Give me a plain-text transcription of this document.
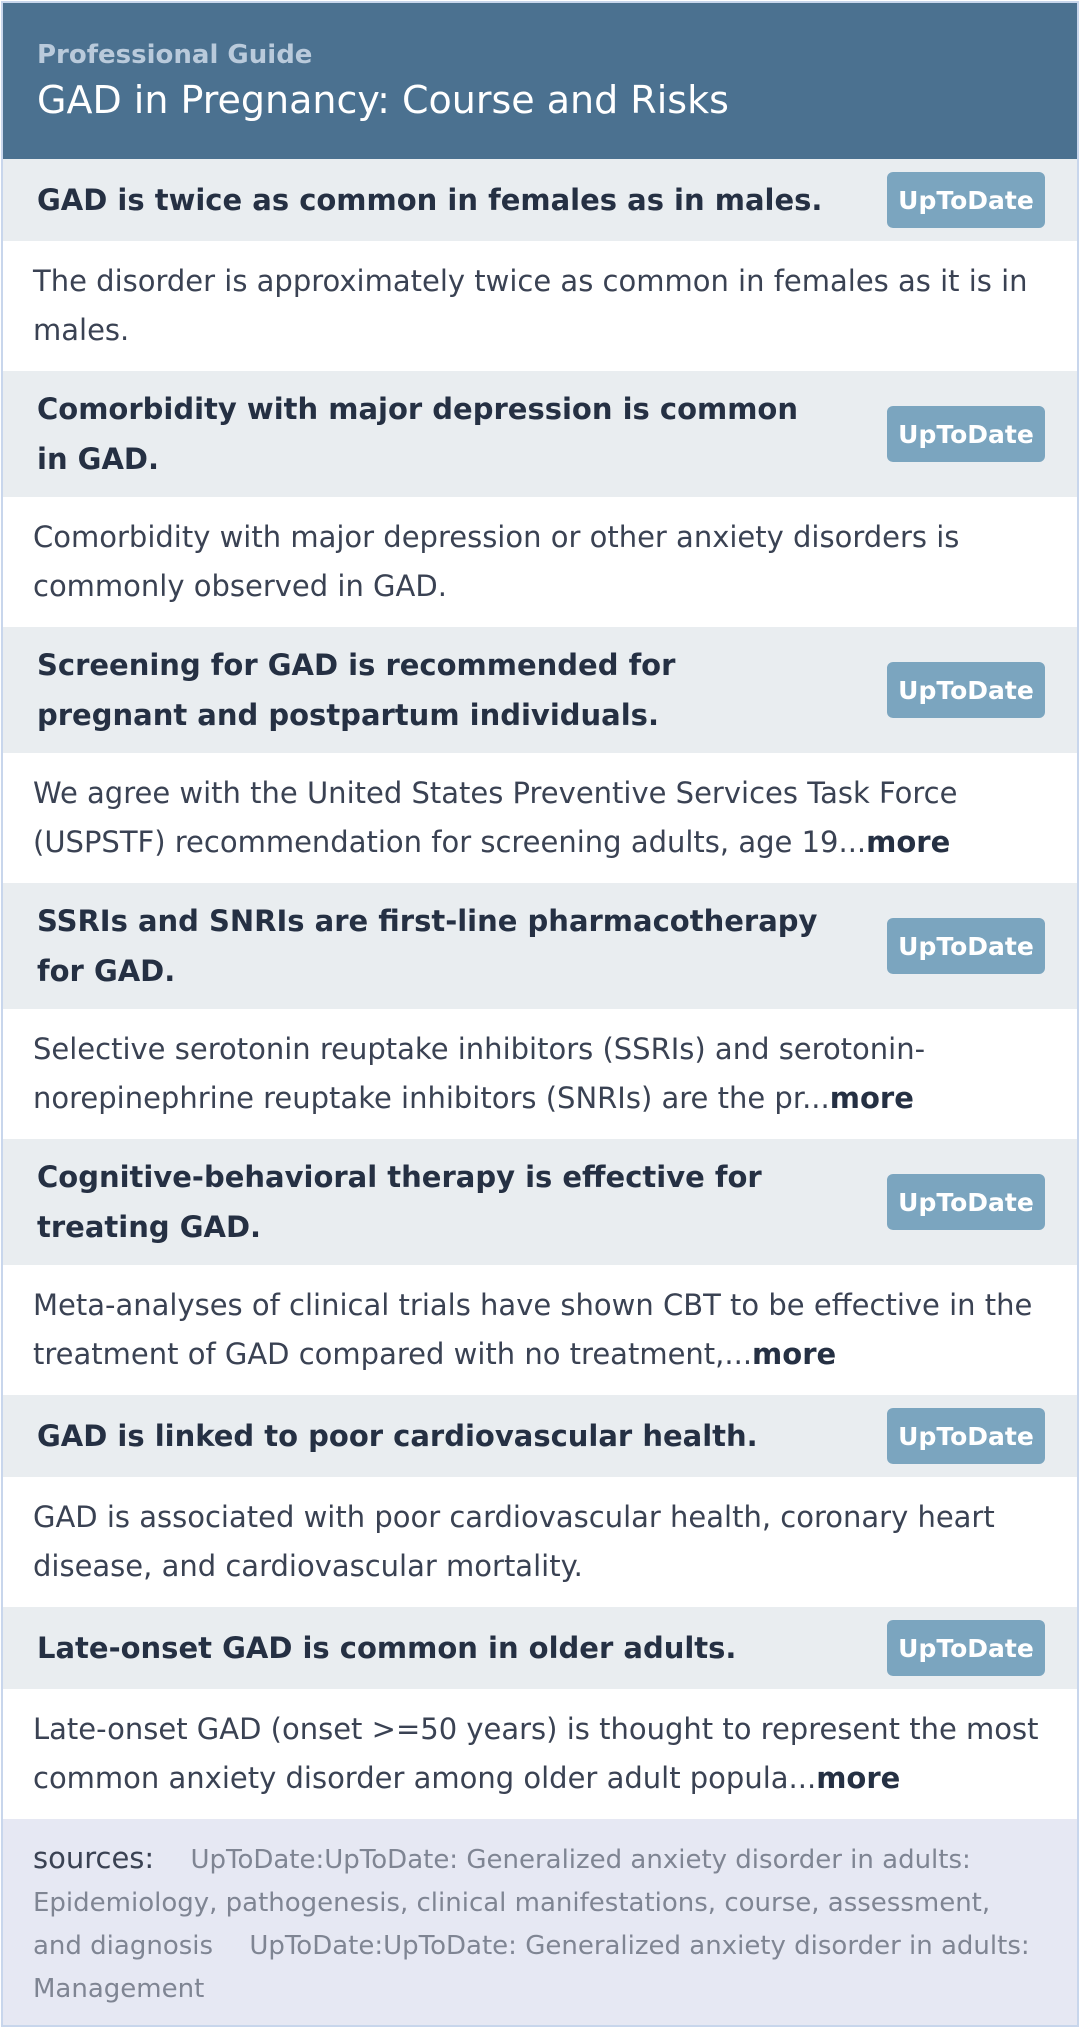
Professional Guide
GAD in Pregnancy: Course and Risks
GAD is twice as common in females as in males.	UpToDate
The disorder is approximately twice as common in females as it is in males.
Comorbidity with major depression is common in GAD.
UpToDate
Comorbidity with major depression or other anxiety disorders is commonly observed in GAD.
Screening for GAD is recommended for pregnant and postpartum individuals.
UpToDate
We agree with the United States Preventive Services Task Force (USPSTF) recommendation for screening adults, age 19...more
SSRIs and SNRIs are first-line pharmacotherapy for GAD.
UpToDate
Selective serotonin reuptake inhibitors (SSRIs) and serotonin-norepinephrine reuptake inhibitors (SNRIs) are the pr...more
Cognitive-behavioral therapy is effective for treating GAD.
UpToDate
Meta-analyses of clinical trials have shown CBT to be effective in the treatment of GAD compared with no treatment,...more
GAD is linked to poor cardiovascular health.	UpToDate
GAD is associated with poor cardiovascular health, coronary heart disease, and cardiovascular mortality.
Late-onset GAD is common in older adults.	UpToDate
Late-onset GAD (onset >=50 years) is thought to represent the most common anxiety disorder among older adult popula...more
sources: UpToDate:UpToDate: Generalized anxiety disorder in adults: Epidemiology, pathogenesis, clinical manifestations, course, assessment, and diagnosis UpToDate:UpToDate: Generalized anxiety disorder in adults: Management
